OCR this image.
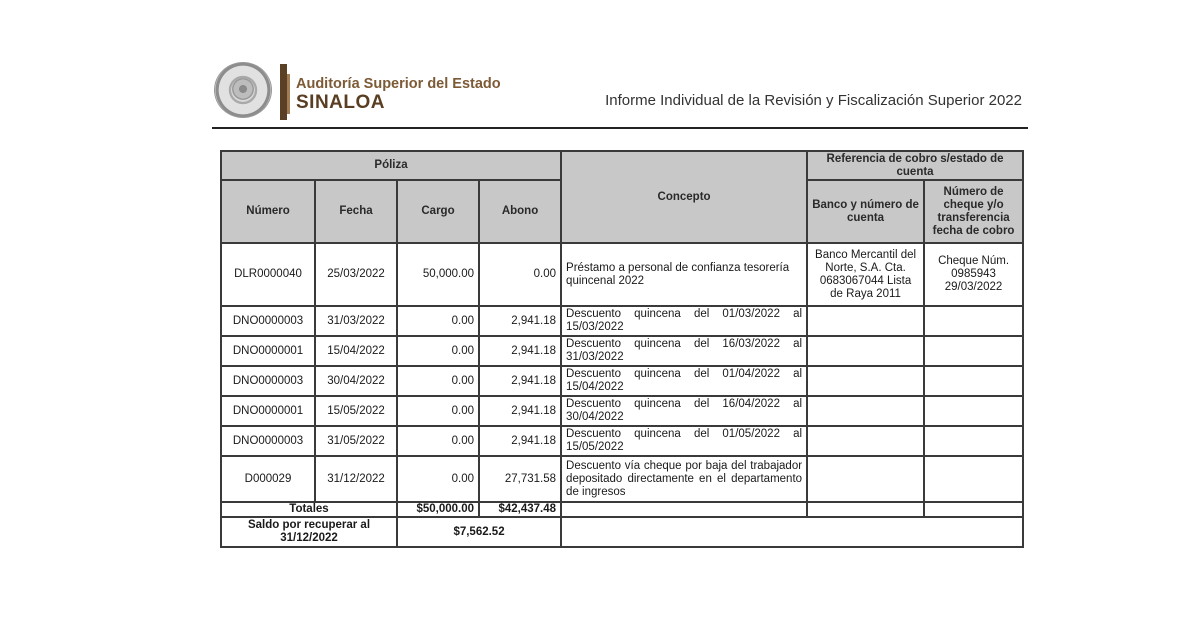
Auditoría Superior del Estado
SINALOA	Informe Individual de la Revisión y Fiscalización Superior 2022
Póliza				Concepto	Referencia de cobro s/estado de cuenta	
Número	Fecha	Cargo	Abono		Banco y número de cuenta	Número de cheque y/o transferencia fecha de cobro
DLR0000040	25/03/2022	50,000.00	0.00	Préstamo a personal de confianza tesorería quincenal 2022	Banco Mercantil del Norte, S.A. Cta. 0683067044 Lista de Raya 2011	Cheque Núm. 0985943 29/03/2022
DNO0000003	31/03/2022	0.00	2,941.18	Descuento quincena del 01/03/2022 al 15/03/2022		
DNO0000001	15/04/2022	0.00	2,941.18	Descuento quincena del 16/03/2022 al 31/03/2022		
DNO0000003	30/04/2022	0.00	2,941.18	Descuento quincena del 01/04/2022 al 15/04/2022		
DNO0000001	15/05/2022	0.00	2,941.18	Descuento quincena del 16/04/2022 al 30/04/2022		
DNO0000003	31/05/2022	0.00	2,941.18	Descuento quincena del 01/05/2022 al 15/05/2022		
D000029	31/12/2022	0.00	27,731.58	Descuento vía cheque por baja del trabajador depositado directamente en el departamento de ingresos		
Totales		$50,000.00	$42,437.48			
Saldo por recuperar al 31/12/2022		$7,562.52				
